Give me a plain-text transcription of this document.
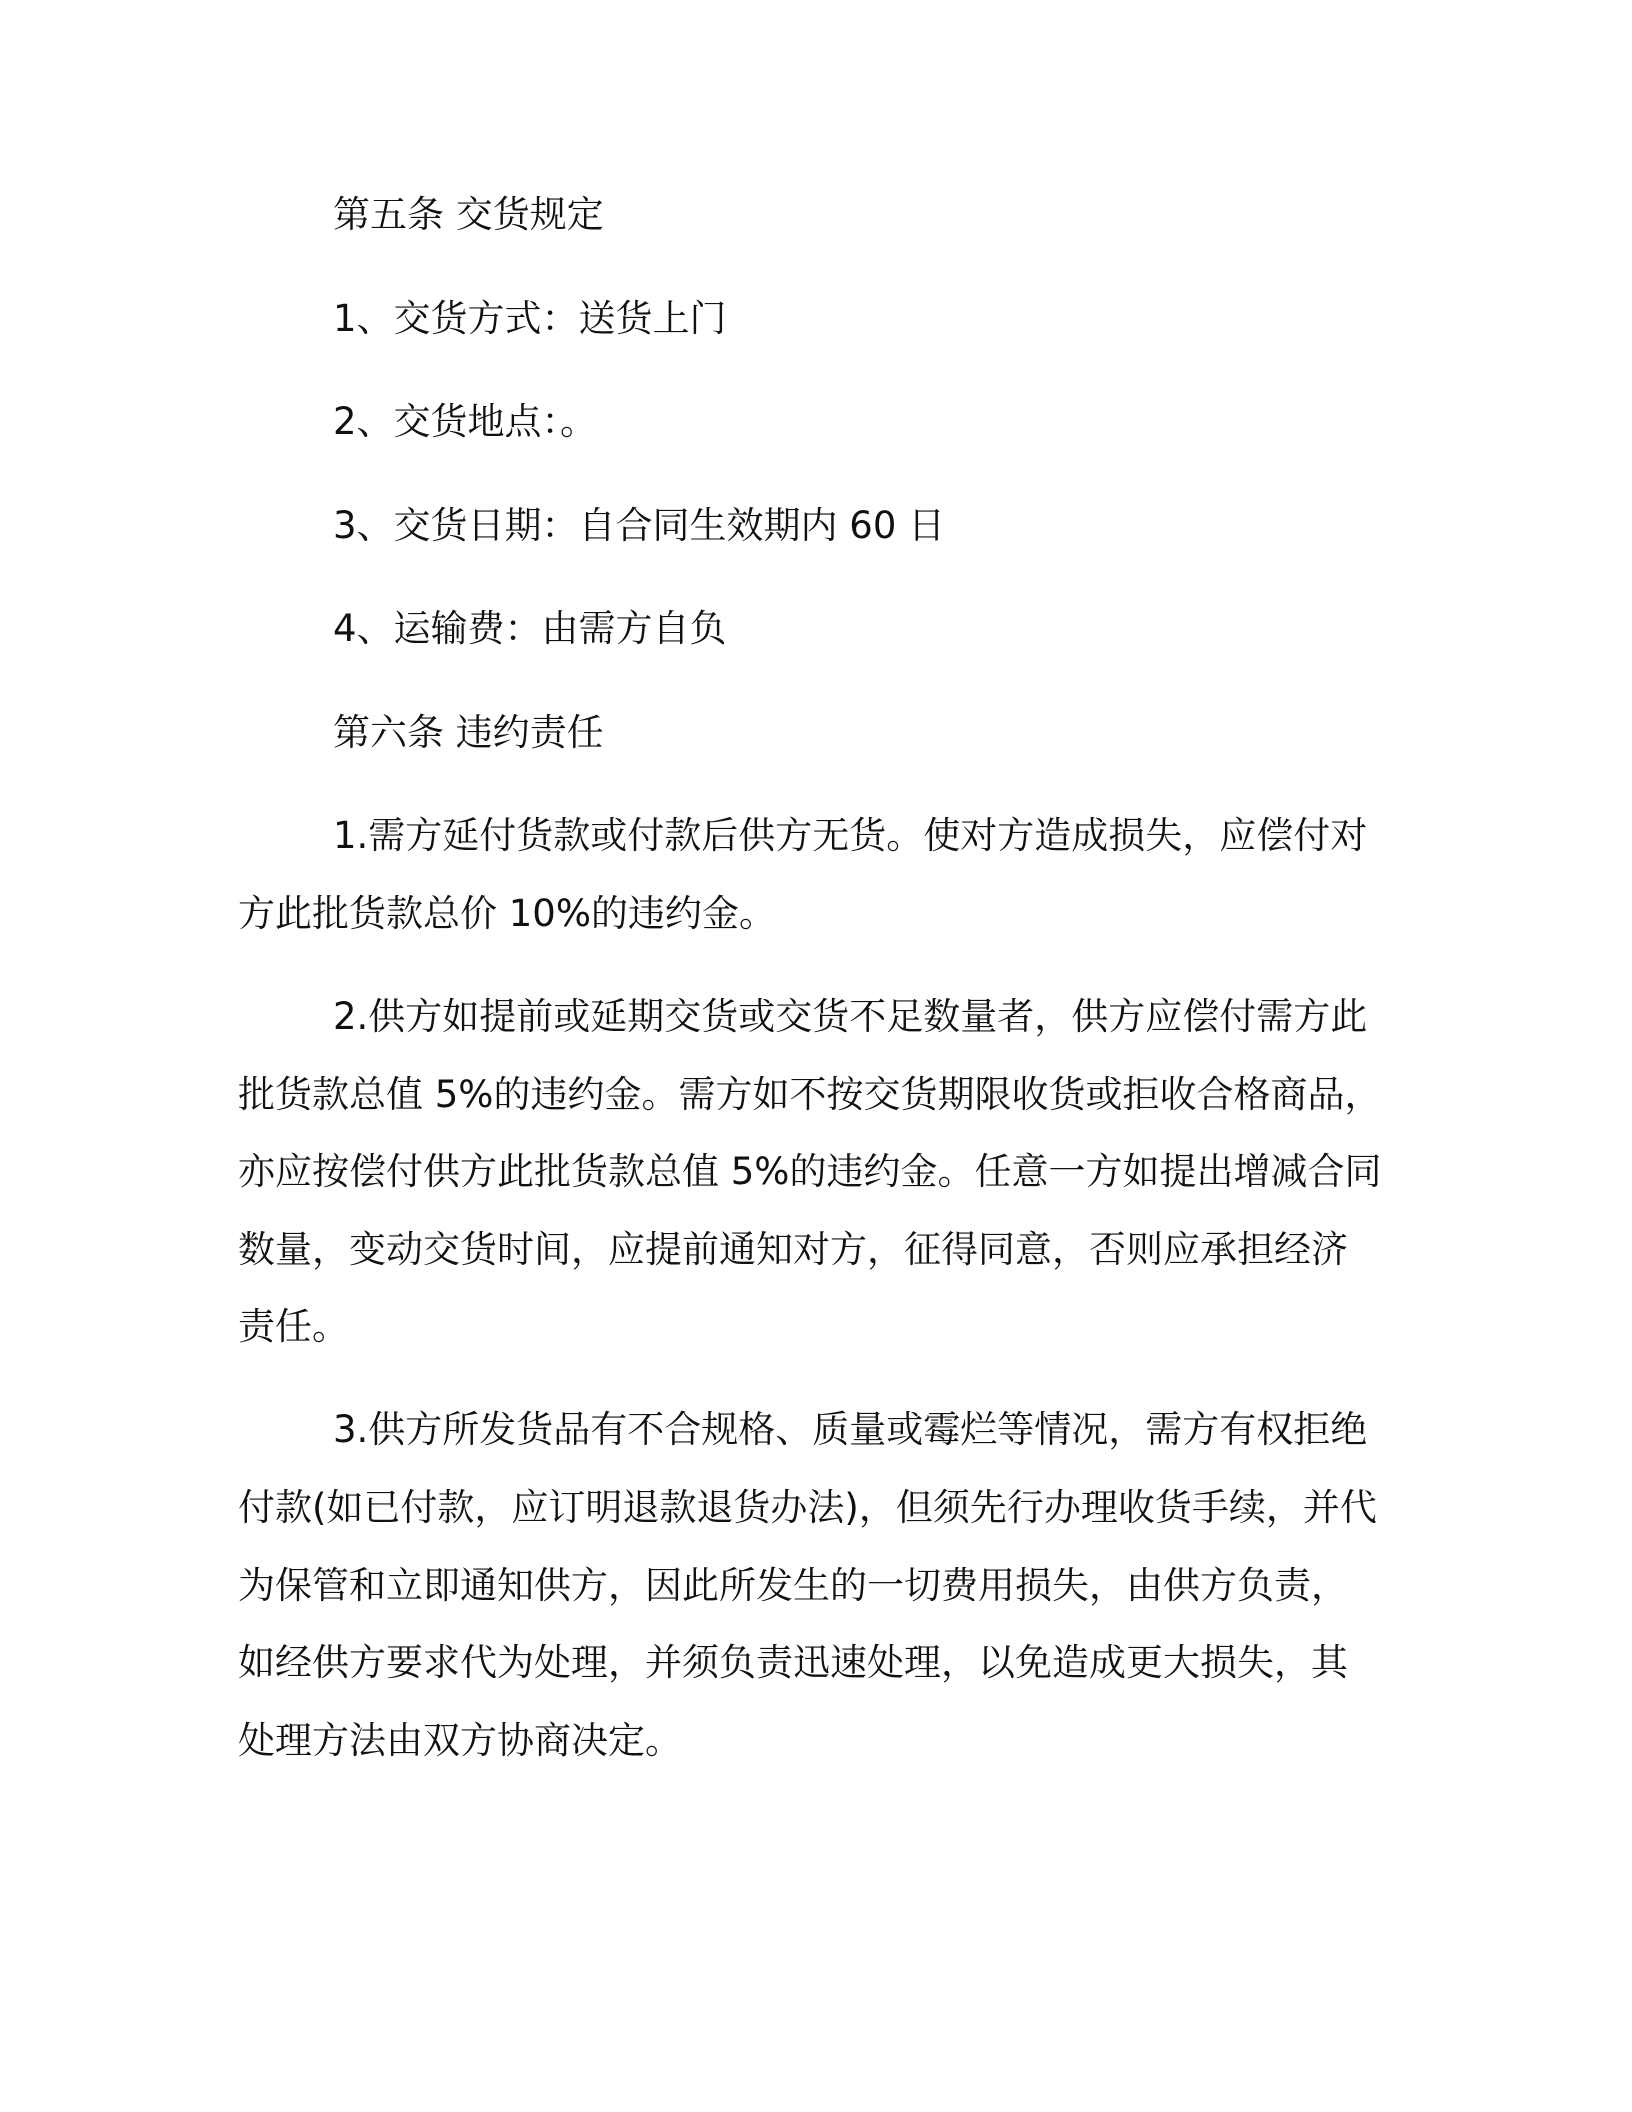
第五条 交货规定
1、交货方式：送货上门
2、交货地点：。
3、交货日期：自合同生效期内 60 日
4、运输费：由需方自负
第六条 违约责任
1.需方延付货款或付款后供方无货。使对方造成损失，应偿付对
方此批货款总价 10%的违约金。
2.供方如提前或延期交货或交货不足数量者，供方应偿付需方此
批货款总值 5%的违约金。需方如不按交货期限收货或拒收合格商品，
亦应按偿付供方此批货款总值 5%的违约金。任意一方如提出增减合同
数量，变动交货时间，应提前通知对方，征得同意，否则应承担经济
责任。
3.供方所发货品有不合规格、质量或霉烂等情况，需方有权拒绝
付款(如已付款，应订明退款退货办法)，但须先行办理收货手续，并代
为保管和立即通知供方，因此所发生的一切费用损失，由供方负责，
如经供方要求代为处理，并须负责迅速处理，以免造成更大损失，其
处理方法由双方协商决定。
